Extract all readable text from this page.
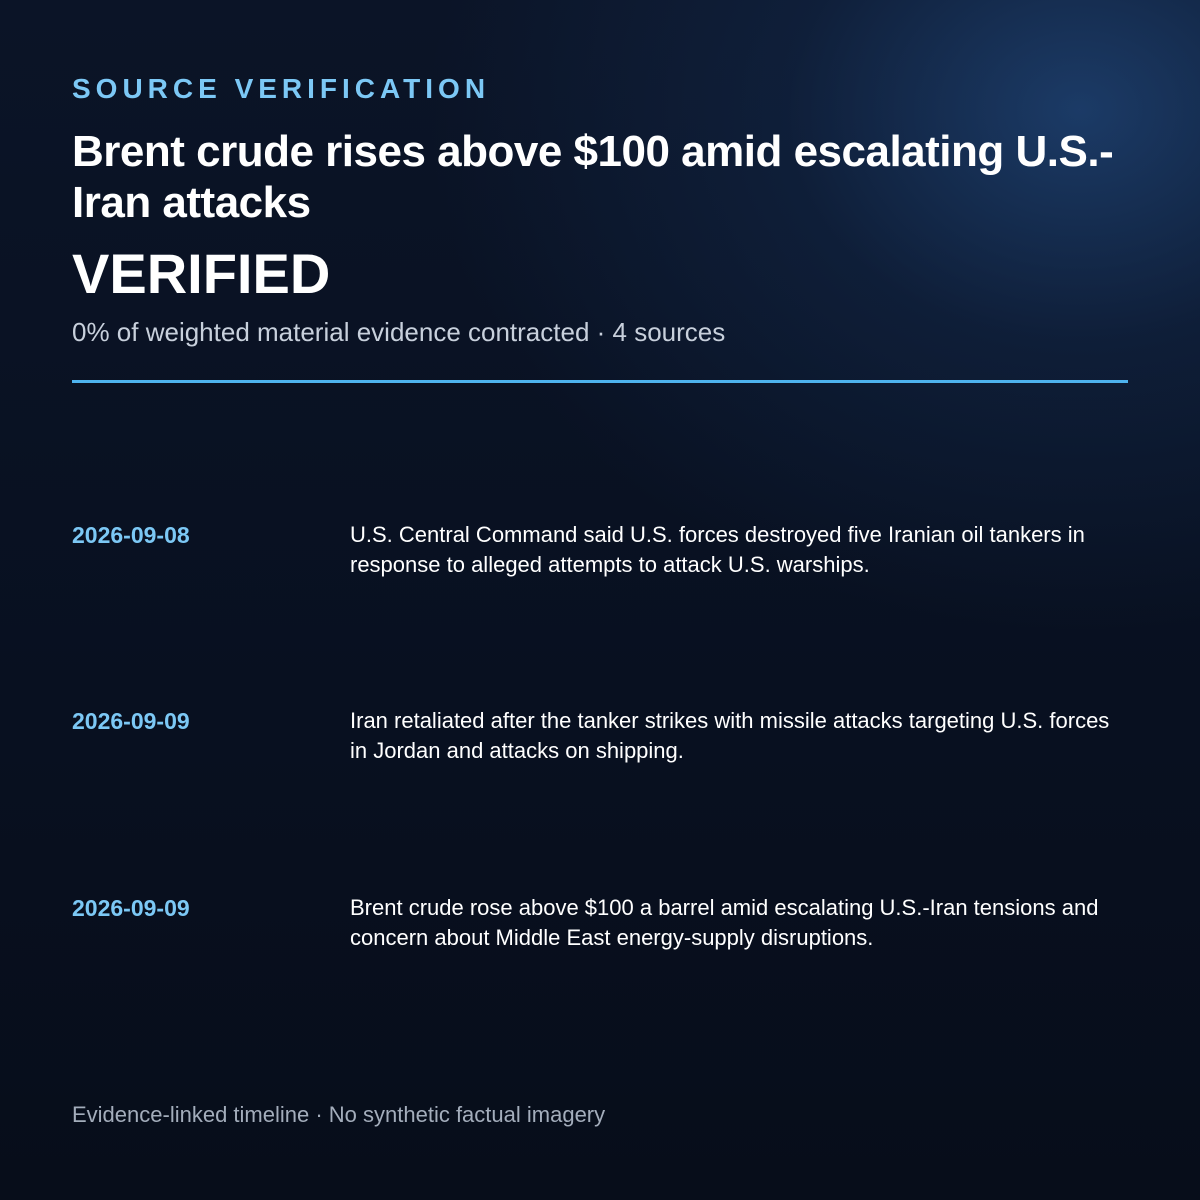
SOURCE VERIFICATION
Brent crude rises above $100 amid escalating U.S.-Iran attacks
VERIFIED
0% of weighted material evidence contracted · 4 sources
2026-09-08	U.S. Central Command said U.S. forces destroyed five Iranian oil tankers in response to alleged attempts to attack U.S. warships.
2026-09-09	Iran retaliated after the tanker strikes with missile attacks targeting U.S. forces in Jordan and attacks on shipping.
2026-09-09	Brent crude rose above $100 a barrel amid escalating U.S.-Iran tensions and concern about Middle East energy-supply disruptions.
Evidence-linked timeline · No synthetic factual imagery
